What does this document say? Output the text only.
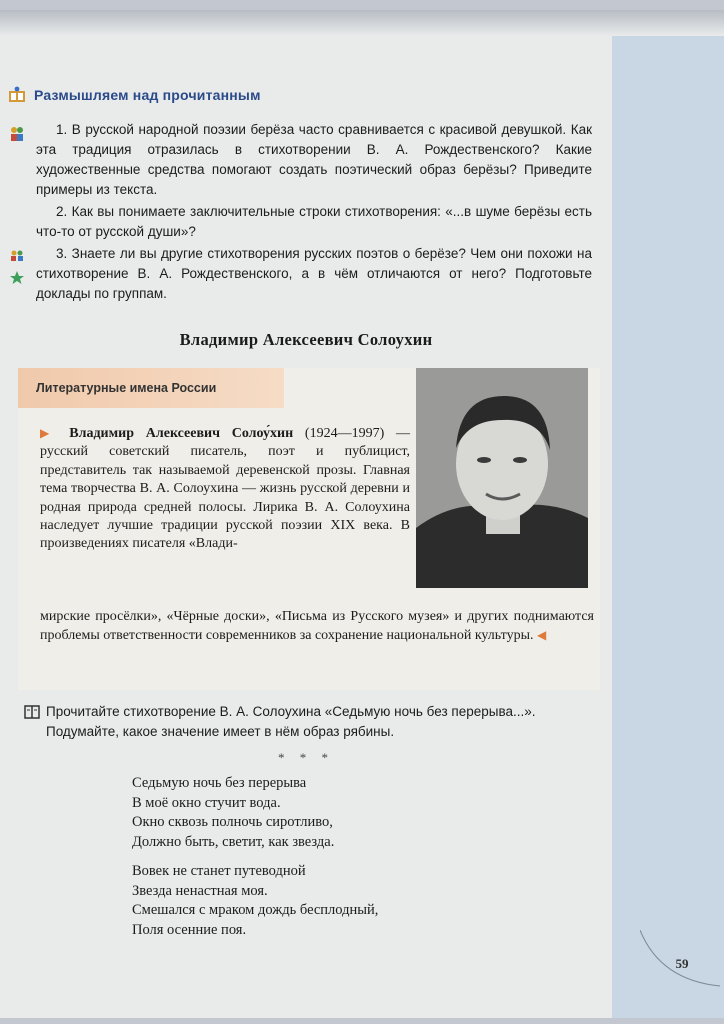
Размышляем над прочитанным
1. В русской народной поэзии берёза часто сравнивается с красивой девушкой. Как эта традиция отразилась в стихотворении В. А. Рождественского? Какие художественные средства помогают создать поэтический образ берёзы? Приведите примеры из текста.
2. Как вы понимаете заключительные строки стихотворения: «...в шуме берёзы есть что-то от русской души»?
3. Знаете ли вы другие стихотворения русских поэтов о берёзе? Чем они похожи на стихотворение В. А. Рождественского, а в чём отличаются от него? Подготовьте доклады по группам.
Владимир Алексеевич Солоухин
Литературные имена России
▶ Владимир Алексеевич Солоу́хин (1924—1997) — русский советский писатель, поэт и публицист, представитель так называемой деревенской прозы. Главная тема творчества В. А. Солоухина — жизнь русской деревни и родная природа средней полосы. Лирика В. А. Солоухина наследует лучшие традиции русской поэзии XIX века. В произведениях писателя «Влади-
мирские просёлки», «Чёрные доски», «Письма из Русского музея» и других поднимаются проблемы ответственности современников за сохранение национальной культуры. ◀
Прочитайте стихотворение В. А. Солоухина «Седьмую ночь без перерыва...». Подумайте, какое значение имеет в нём образ рябины.
* * *
Седьмую ночь без перерыва
В моё окно стучит вода.
Окно сквозь полночь сиротливо,
Должно быть, светит, как звезда.
Вовек не станет путеводной
Звезда ненастная моя.
Смешался с мраком дождь бесплодный,
Поля осенние поя.
59
